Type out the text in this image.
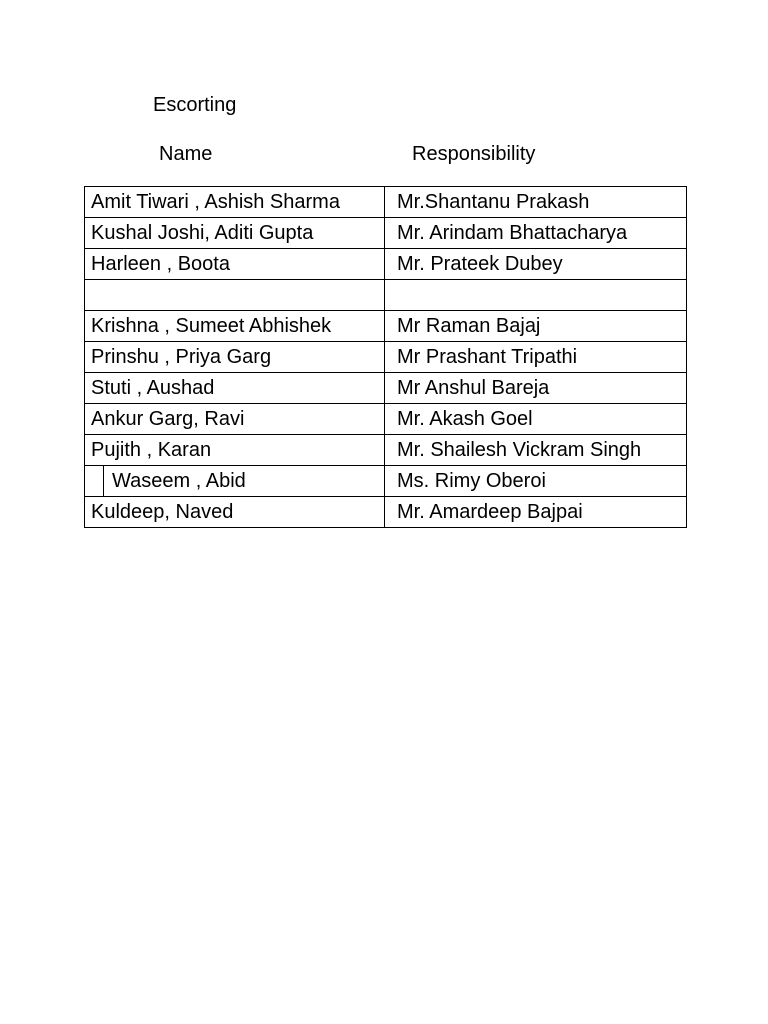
Escorting
Name	Responsibility
Amit Tiwari , Ashish Sharma	Mr.Shantanu Prakash
Kushal Joshi, Aditi Gupta	Mr. Arindam Bhattacharya
Harleen , Boota	Mr. Prateek Dubey

Krishna , Sumeet Abhishek	Mr Raman Bajaj
Prinshu , Priya Garg	Mr Prashant Tripathi
Stuti , Aushad	Mr Anshul Bareja
Ankur Garg, Ravi	Mr. Akash Goel
Pujith , Karan	Mr. Shailesh Vickram Singh

Waseem , Abid	Ms. Rimy Oberoi
Kuldeep, Naved	Mr. Amardeep Bajpai
